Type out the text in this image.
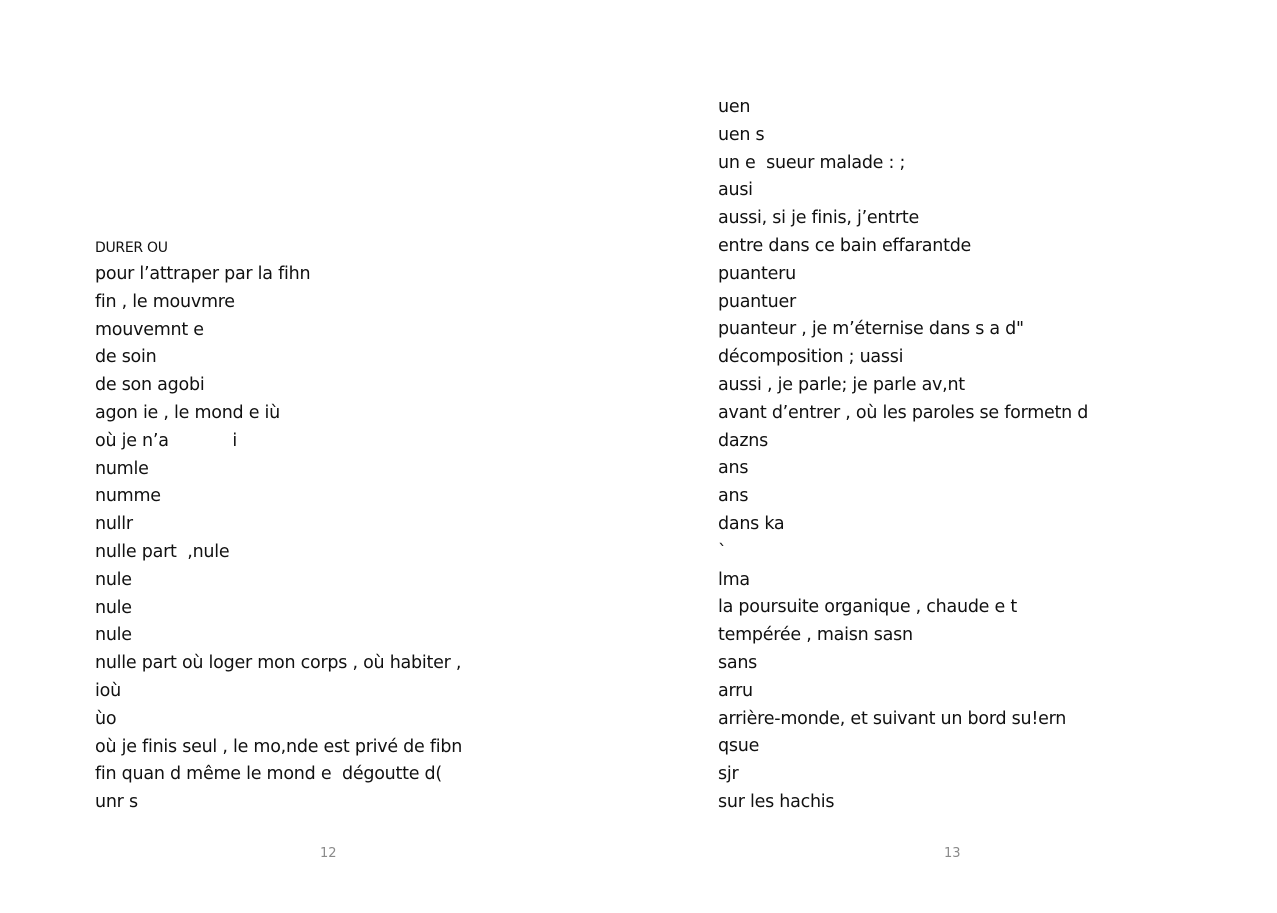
DURER OU
pour l’attraper par la fihn
fin , le mouvmre
mouvemnt e
de soin
de son agobi
agon ie , le mond e iù
où je n’a            i
numle
numme
nullr
nulle part  ,nule
nule
nule
nule
nulle part où loger mon corps , où habiter ,
ioù
ùo
où je finis seul , le mo,nde est privé de fibn
fin quan d même le mond e  dégoutte d(
unr s
12
uen
uen s
un e  sueur malade : ;
ausi
aussi, si je finis, j’entrte
entre dans ce bain effarantde
puanteru
puantuer
puanteur , je m’éternise dans s a d"
décomposition ; uassi
aussi , je parle; je parle av,nt
avant d’entrer , où les paroles se formetn d
dazns
ans
ans
dans ka
`
lma
la poursuite organique , chaude e t
tempérée , maisn sasn
sans
arru
arrière-monde, et suivant un bord su!ern
qsue
sjr
sur les hachis
13
